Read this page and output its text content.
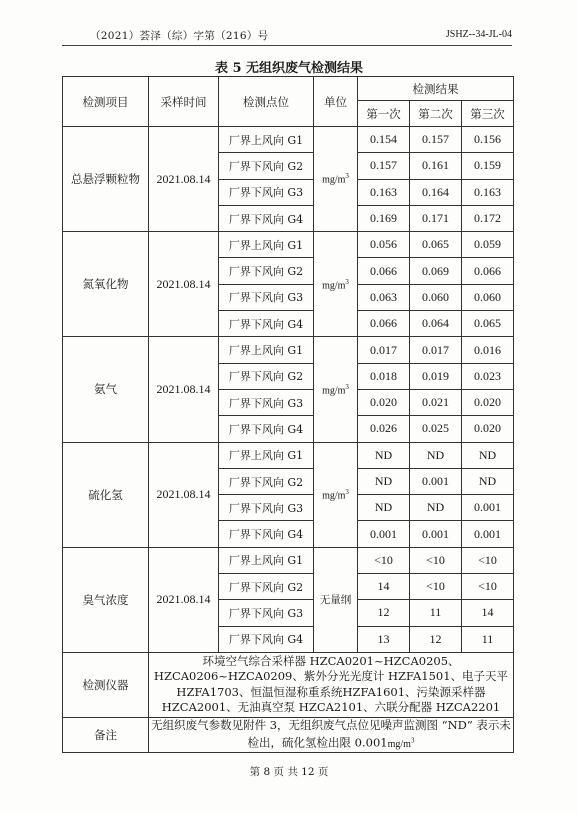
（2021）荟泽（综）字第（216）号	JSHZ--34-JL-04
表 5 无组织废气检测结果
检测项目	采样时间	检测点位	单位	检测结果		
				第一次	第二次	第三次
总悬浮颗粒物	2021.08.14	厂界上风向 G1	$mg/m^3$	0.154	0.157	0.156
		厂界下风向 G2		0.157	0.161	0.159
		厂界下风向 G3		0.163	0.164	0.163
		厂界下风向 G4		0.169	0.171	0.172
氮氧化物	2021.08.14	厂界上风向 G1	$mg/m^3$	0.056	0.065	0.059
		厂界下风向 G2		0.066	0.069	0.066
		厂界下风向 G3		0.063	0.060	0.060
		厂界下风向 G4		0.066	0.064	0.065
氨气	2021.08.14	厂界上风向 G1	$mg/m^3$	0.017	0.017	0.016
		厂界下风向 G2		0.018	0.019	0.023
		厂界下风向 G3		0.020	0.021	0.020
		厂界下风向 G4		0.026	0.025	0.020
硫化氢	2021.08.14	厂界上风向 G1	$mg/m^3$	ND	ND	ND
		厂界下风向 G2		ND	0.001	ND
		厂界下风向 G3		ND	ND	0.001
		厂界下风向 G4		0.001	0.001	0.001
臭气浓度	2021.08.14	厂界上风向 G1	无量纲	<10	<10	<10
		厂界下风向 G2		14	<10	<10
		厂界下风向 G3		12	11	14
		厂界下风向 G4		13	12	11
检测仪器	环境空气综合采样器 HZCA0201~HZCA0205、HZCA0206~HZCA0209、紫外分光光度计 HZFA1501、电子天平 HZFA1703、恒温恒湿称重系统HZFA1601、污染源采样器 HZCA2001、无油真空泵 HZCA2101、六联分配器 HZCA2201					
备注	无组织废气参数见附件 3，无组织废气点位见噪声监测图 “ND” 表示未检出，硫化氢检出限 $0.001mg/m^3$
第 8 页 共 12 页
